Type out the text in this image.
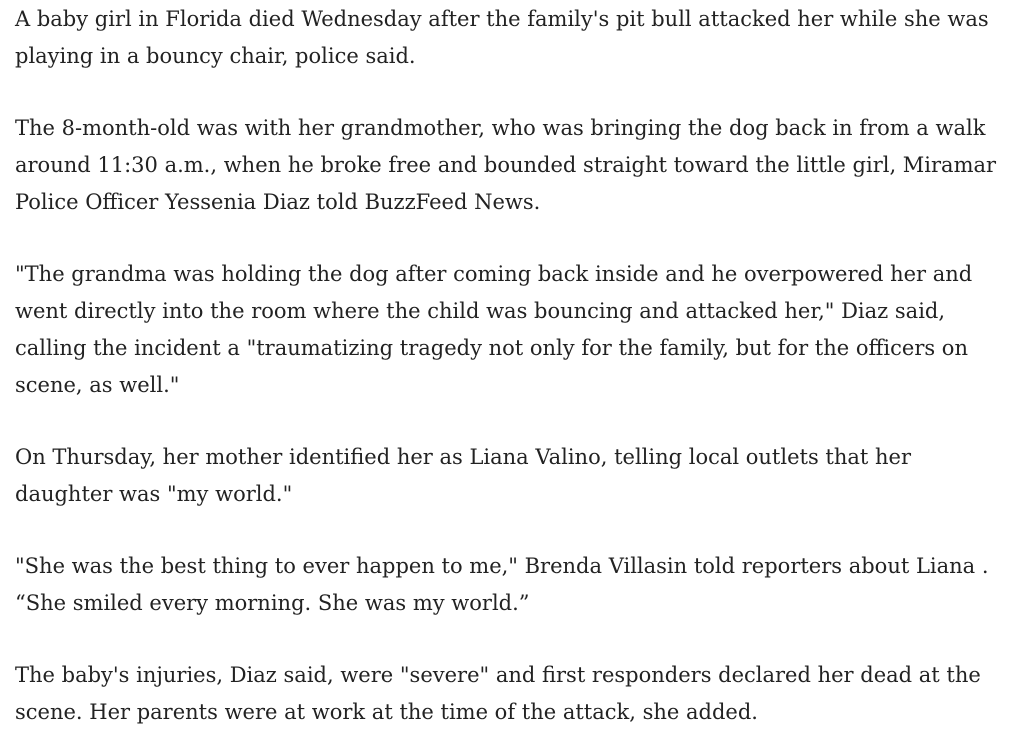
A baby girl in Florida died Wednesday after the family's pit bull attacked her while she was playing in a bouncy chair, police said.

The 8-month-old was with her grandmother, who was bringing the dog back in from a walk around 11:30 a.m., when he broke free and bounded straight toward the little girl, Miramar Police Officer Yessenia Diaz told BuzzFeed News.

"The grandma was holding the dog after coming back inside and he overpowered her and went directly into the room where the child was bouncing and attacked her," Diaz said, calling the incident a "traumatizing tragedy not only for the family, but for the officers on scene, as well."

On Thursday, her mother identified her as Liana Valino, telling local outlets that her daughter was "my world."

"She was the best thing to ever happen to me," Brenda Villasin told reporters about Liana . “She smiled every morning. She was my world.”

The baby's injuries, Diaz said, were "severe" and first responders declared her dead at the scene. Her parents were at work at the time of the attack, she added.
